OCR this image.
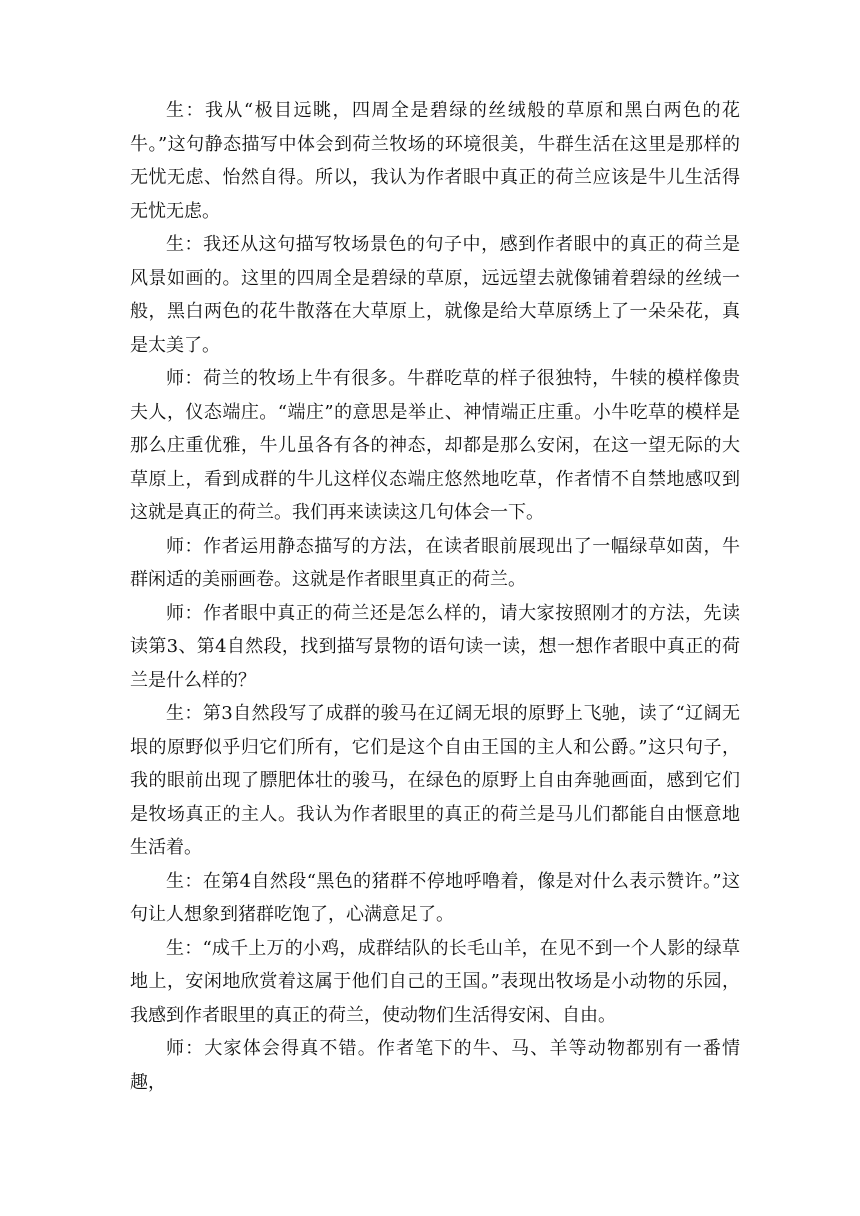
生：我从“极目远眺，四周全是碧绿的丝绒般的草原和黑白两色的花牛。”这句静态描写中体会到荷兰牧场的环境很美，牛群生活在这里是那样的无忧无虑、怡然自得。所以，我认为作者眼中真正的荷兰应该是牛儿生活得无忧无虑。

生：我还从这句描写牧场景色的句子中，感到作者眼中的真正的荷兰是风景如画的。这里的四周全是碧绿的草原，远远望去就像铺着碧绿的丝绒一般，黑白两色的花牛散落在大草原上，就像是给大草原绣上了一朵朵花，真是太美了。

师：荷兰的牧场上牛有很多。牛群吃草的样子很独特，牛犊的模样像贵夫人，仪态端庄。“端庄”的意思是举止、神情端正庄重。小牛吃草的模样是那么庄重优雅，牛儿虽各有各的神态，却都是那么安闲，在这一望无际的大草原上，看到成群的牛儿这样仪态端庄悠然地吃草，作者情不自禁地感叹到这就是真正的荷兰。我们再来读读这几句体会一下。

师：作者运用静态描写的方法，在读者眼前展现出了一幅绿草如茵，牛群闲适的美丽画卷。这就是作者眼里真正的荷兰。

师：作者眼中真正的荷兰还是怎么样的，请大家按照刚才的方法，先读读第3、第4自然段，找到描写景物的语句读一读，想一想作者眼中真正的荷兰是什么样的？

生：第3自然段写了成群的骏马在辽阔无垠的原野上飞驰，读了“辽阔无垠的原野似乎归它们所有，它们是这个自由王国的主人和公爵。”这只句子，我的眼前出现了膘肥体壮的骏马，在绿色的原野上自由奔驰画面，感到它们是牧场真正的主人。我认为作者眼里的真正的荷兰是马儿们都能自由惬意地生活着。

生：在第4自然段“黑色的猪群不停地呼噜着，像是对什么表示赞许。”这句让人想象到猪群吃饱了，心满意足了。

生：“成千上万的小鸡，成群结队的长毛山羊，在见不到一个人影的绿草地上，安闲地欣赏着这属于他们自己的王国。”表现出牧场是小动物的乐园，我感到作者眼里的真正的荷兰，使动物们生活得安闲、自由。

师：大家体会得真不错。作者笔下的牛、马、羊等动物都别有一番情趣，
